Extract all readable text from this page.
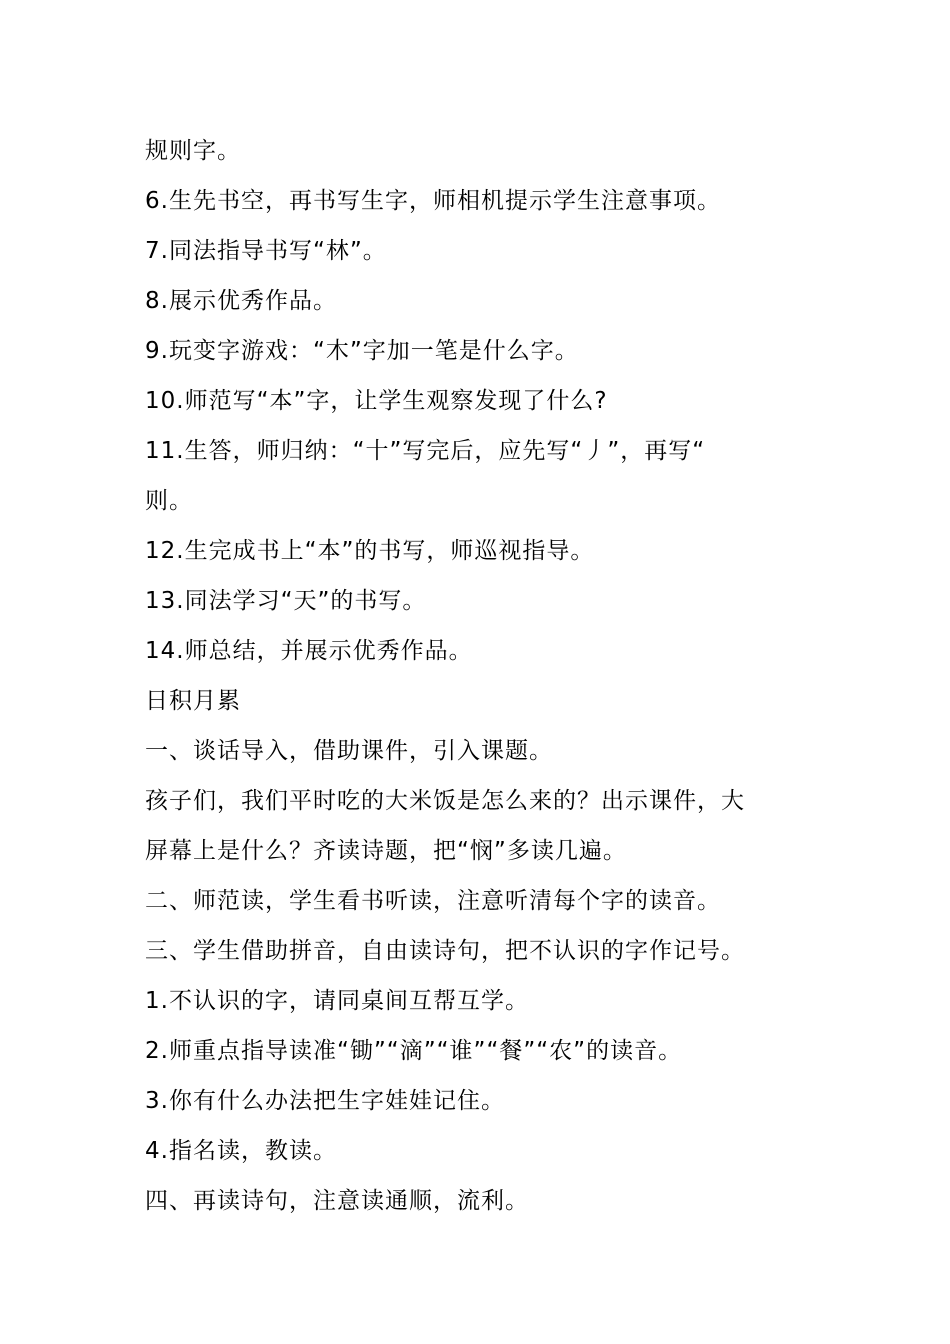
规则字。
6.生先书空，再书写生字，师相机提示学生注意事项。
7.同法指导书写“林”。
8.展示优秀作品。
9.玩变字游戏：“木”字加一笔是什么字。
10.师范写“本”字，让学生观察发现了什么?
11.生答，师归纳：“十”写完后，应先写“丿”，再写“
则。
12.生完成书上“本”的书写，师巡视指导。
13.同法学习“天”的书写。
14.师总结，并展示优秀作品。
日积月累
一、谈话导入，借助课件，引入课题。
孩子们，我们平时吃的大米饭是怎么来的？出示课件，大
屏幕上是什么？齐读诗题，把“悯”多读几遍。
二、师范读，学生看书听读，注意听清每个字的读音。
三、学生借助拼音，自由读诗句，把不认识的字作记号。
1.不认识的字，请同桌间互帮互学。
2.师重点指导读准“锄”“滴”“谁”“餐”“农”的读音。
3.你有什么办法把生字娃娃记住。
4.指名读，教读。
四、再读诗句，注意读通顺，流利。
